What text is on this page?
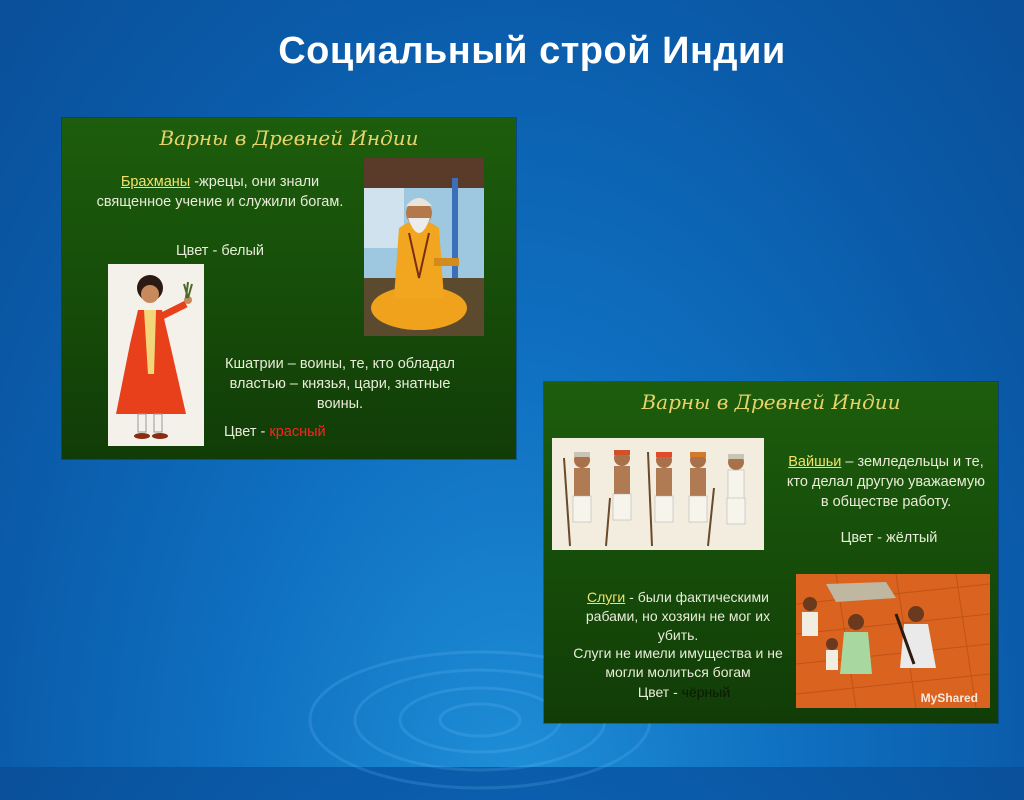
Социальный строй Индии
Варны в Древней Индии
Брахманы -жрецы, они знали священное учение и служили богам.
Цвет - белый
Кшатрии – воины, те, кто обладал властью – князья, цари, знатные воины.
Цвет - красный
Варны в Древней Индии
Вайшьи – земледельцы и те, кто делал другую уважаемую в обществе работу.
Цвет - жёлтый
Слуги - были фактическими рабами, но хозяин не мог их убить.
Слуги не имели имущества и не могли молиться богам
Цвет - чёрный	MyShared
